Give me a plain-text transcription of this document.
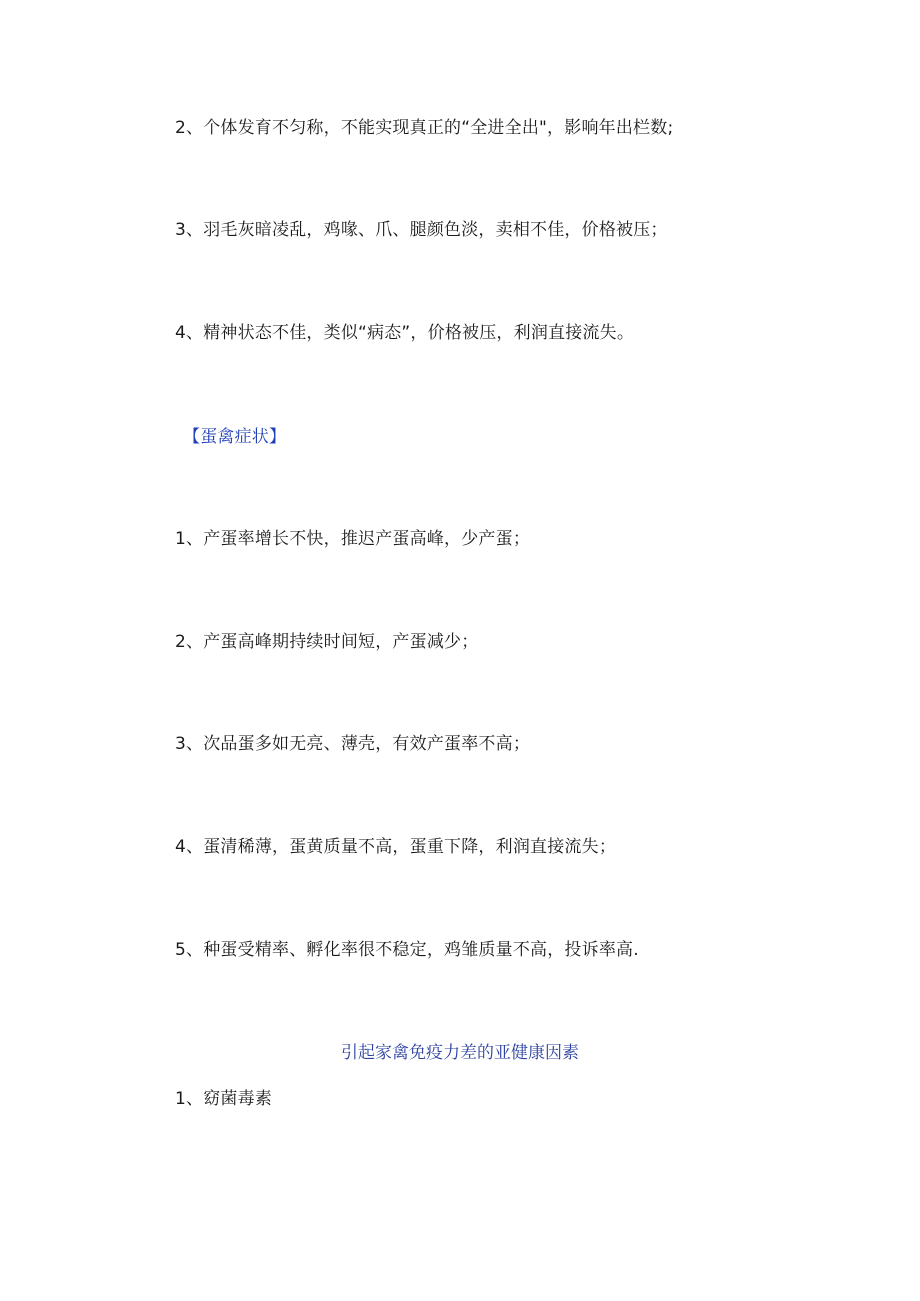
2、个体发育不匀称，不能实现真正的“全进全出"，影响年出栏数;
3、羽毛灰暗凌乱，鸡喙、爪、腿颜色淡，卖相不佳，价格被压；
4、精神状态不佳，类似“病态”，价格被压，利润直接流失。
【蛋禽症状】
1、产蛋率增长不快，推迟产蛋高峰，少产蛋；
2、产蛋高峰期持续时间短，产蛋减少；
3、次品蛋多如无亮、薄壳，有效产蛋率不高；
4、蛋清稀薄，蛋黄质量不高，蛋重下降，利润直接流失；
5、种蛋受精率、孵化率很不稳定，鸡雏质量不高，投诉率高.
引起家禽免疫力差的亚健康因素
1、窈菌毒素
